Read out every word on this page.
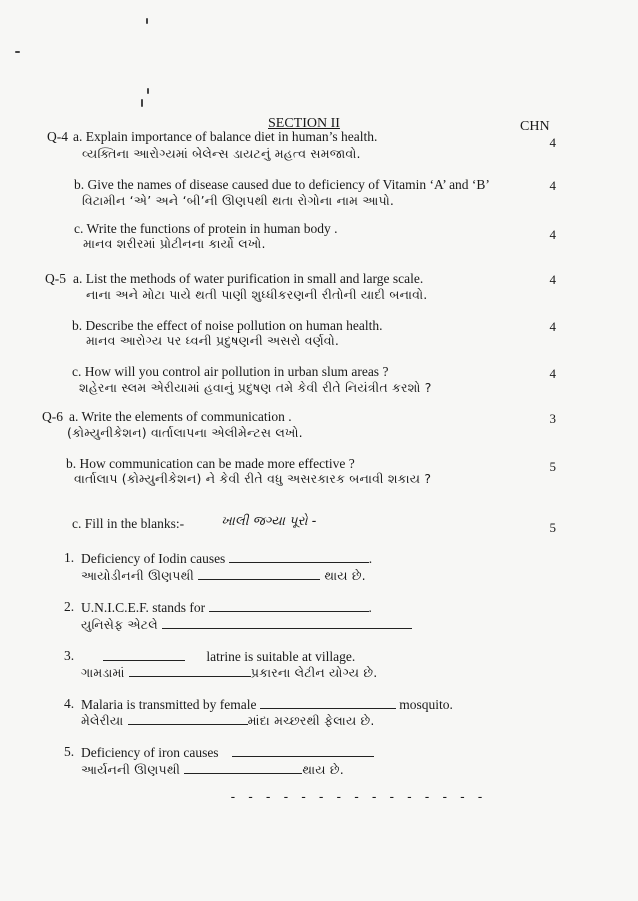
SECTION II	CHN
Q-4 a. Explain importance of balance diet in human’s health.	4
વ્યક્તિના આરોગ્યમાં બેલેન્સ ડાયટનું મહત્વ સમજાવો.
b. Give the names of disease caused due to deficiency of Vitamin ‘A’ and ‘B’	4
વિટામીન ‘એ’ અને ‘બી’ની ઊણપથી થતા રોગોના નામ આપો.
c. Write the functions of protein in human body .	4
માનવ શરીરમાં પ્રોટીનના કાર્યો લખો.
Q-5 a. List the methods of water purification in small and large scale.	4
નાના અને મોટા પાયે થતી પાણી શુધ્ધીકરણની રીતોની યાદી બનાવો.
b. Describe the effect of noise pollution on human health.	4
માનવ આરોગ્ય પર ધ્વની પ્રદુષણની અસરો વર્ણવો.
c. How will you control air pollution in urban slum areas ?	4
શહેરના સ્લમ એરીયામાં હવાનું પ્રદુષણ તમે કેવી રીતે નિયંત્રીત કરશો ?
Q-6 a. Write the elements of communication .	3
(કોમ્યુનીકેશન) વાર્તાલાપના એલીમેન્ટસ લખો.
b. How communication can be made more effective ?	5
વાર્તાલાપ (કોમ્યુનીકેશન) ને કેવી રીતે વધુ અસરકારક બનાવી શકાય ?
c. Fill in the blanks:-	ખાલી જગ્યા પૂરો -	5
1. Deficiency of Iodin causes	.
આયોડીનની ઊણપથી	થાય છે.
2. U.N.I.C.E.F. stands for	.
યુનિસેફ એટલે
3.	latrine is suitable at village.
ગામડામાં	પ્રકારના લેટીન યોગ્ય છે.
4. Malaria is transmitted by female	mosquito.
મેલેરીયા	માંદા મચ્છરથી ફેલાય છે.
5. Deficiency of iron causes
આર્યનની ઊણપથી	થાય છે.
- - - - - - - - - - - - - - -
